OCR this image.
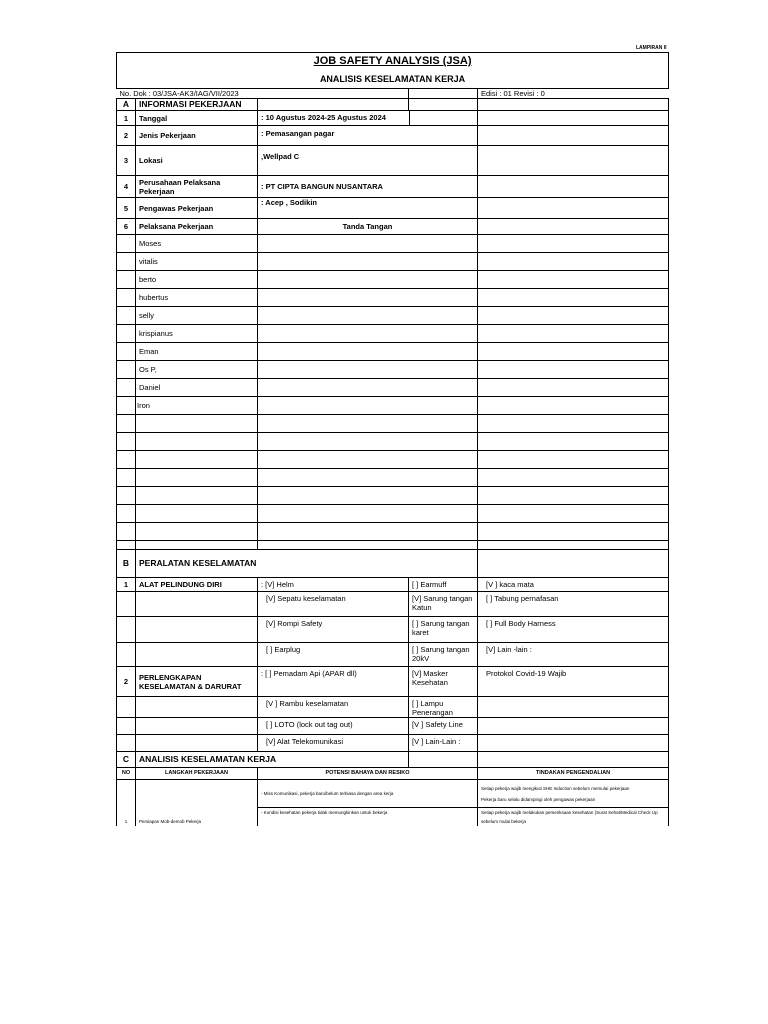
LAMPIRAN II
JOB SAFETY ANALYSIS (JSA)				
ANALISIS KESELAMATAN KERJA				
No. Dok : 03/JSA-AK3/IAG/VII/2023				Edisi : 01 Revisi : 0
A	INFORMASI PEKERJAAN			
1	Tanggal	: 10 Agustus 2024-25 Agustus 2024		

2	Jenis Pekerjaan	: Pemasangan pagar		
3	Lokasi	,Wellpad C		
4	Perusahaan Pelaksana Pekerjaan	: PT CIPTA BANGUN NUSANTARA		
5	Pengawas Pekerjaan	: Acep , Sodikin		
6	Pelaksana Pekerjaan	Tanda Tangan		
	Moses			
	vitalis			
	berto			
	hubertus			
	selly			
	krispianus			
	Eman			
	Os P,			
	Daniel			
	Iron			

B	PERALATAN KESELAMATAN			
1	ALAT PELINDUNG DIRI	: [V] Helm	[ ] Earmuff	[V ] kaca mata
		[V] Sepatu keselamatan	[V] Sarung tangan Katun	[ ] Tabung pernafasan
		[V] Rompi Safety	[ ] Sarung tangan karet	[ ] Full Body Harness
		[ ] Earplug	[ ] Sarung tangan 20kV	[V] Lain -lain :
2	PERLENGKAPAN KESELAMATAN & DARURAT	: [ ] Pemadam Api (APAR dll)	[V] Masker Kesehatan	Protokol Covid-19 Wajib
		[V ] Rambu keselamatan	[ ] Lampu Penerangan	
		[ ] LOTO (lock out tag out)	[V ] Safety Line	
		[V] Alat Telekomunikasi	[V ] Lain-Lain :	
C	ANALISIS KESELAMATAN KERJA			
NO	LANGKAH PEKERJAAN	POTENSI BAHAYA DAN RESIKO		TINDAKAN PENGENDALIAN
1	Persiapan Mob-demob Pekerja	- Miss Komunikasi, pekerja baru/belum terbiasa dengan area kerja		Setiap pekerja wajib mengikuti SHE Induction sebelum memulai pekerjaan
Pekerja baru selalu didampingi oleh pengawas pekerjaan

		- Kondisi kesehatan pekerja tidak memungkinkan untuk bekerja		Setiap pekerja wajib melakukan pemeriksaan kesehatan (Surat Sehat/Medical Check Up sebelum mulai bekerja
